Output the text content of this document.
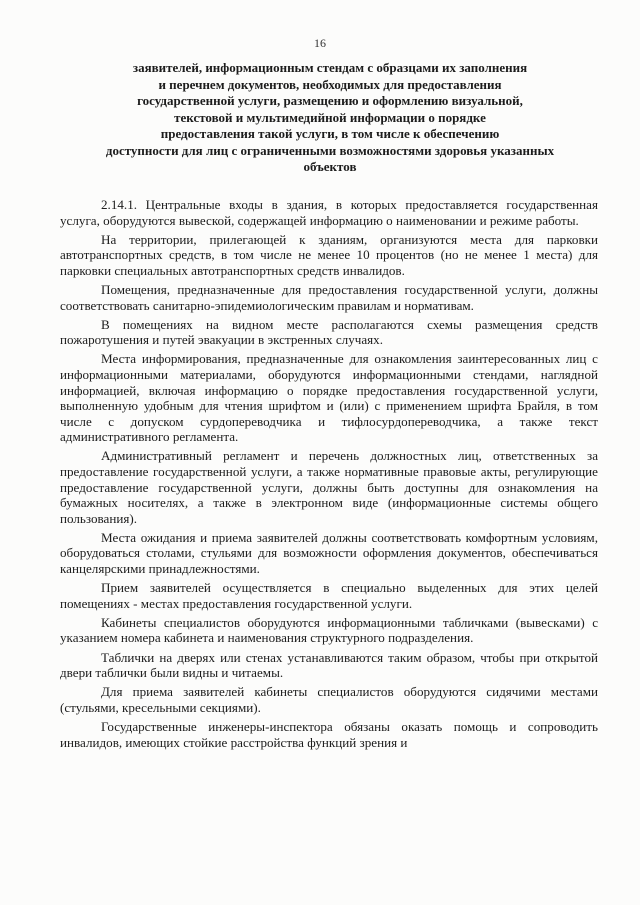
16
заявителей, информационным стендам с образцами их заполнения
и перечнем документов, необходимых для предоставления
государственной услуги, размещению и оформлению визуальной,
текстовой и мультимедийной информации о порядке
предоставления такой услуги, в том числе к обеспечению
доступности для лиц с ограниченными возможностями здоровья указанных
объектов

2.14.1. Центральные входы в здания, в которых предоставляется государственная услуга, оборудуются вывеской, содержащей информацию о наименовании и режиме работы.

На территории, прилегающей к зданиям, организуются места для парковки автотранспортных средств, в том числе не менее 10 процентов (но не менее 1 места) для парковки специальных автотранспортных средств инвалидов.

Помещения, предназначенные для предоставления государственной услуги, должны соответствовать санитарно-эпидемиологическим правилам и нормативам.

В помещениях на видном месте располагаются схемы размещения средств пожаротушения и путей эвакуации в экстренных случаях.

Места информирования, предназначенные для ознакомления заинтересованных лиц с информационными материалами, оборудуются информационными стендами, наглядной информацией, включая информацию о порядке предоставления государственной услуги, выполненную удобным для чтения шрифтом и (или) с применением шрифта Брайля, в том числе с допуском сурдопереводчика и тифлосурдопереводчика, а также текст административного регламента.

Административный регламент и перечень должностных лиц, ответственных за предоставление государственной услуги, а также нормативные правовые акты, регулирующие предоставление государственной услуги, должны быть доступны для ознакомления на бумажных носителях, а также в электронном виде (информационные системы общего пользования).

Места ожидания и приема заявителей должны соответствовать комфортным условиям, оборудоваться столами, стульями для возможности оформления документов, обеспечиваться канцелярскими принадлежностями.

Прием заявителей осуществляется в специально выделенных для этих целей помещениях - местах предоставления государственной услуги.

Кабинеты специалистов оборудуются информационными табличками (вывесками) с указанием номера кабинета и наименования структурного подразделения.

Таблички на дверях или стенах устанавливаются таким образом, чтобы при открытой двери таблички были видны и читаемы.

Для приема заявителей кабинеты специалистов оборудуются сидячими местами (стульями, кресельными секциями).

Государственные инженеры-инспектора обязаны оказать помощь и сопроводить инвалидов, имеющих стойкие расстройства функций зрения и
